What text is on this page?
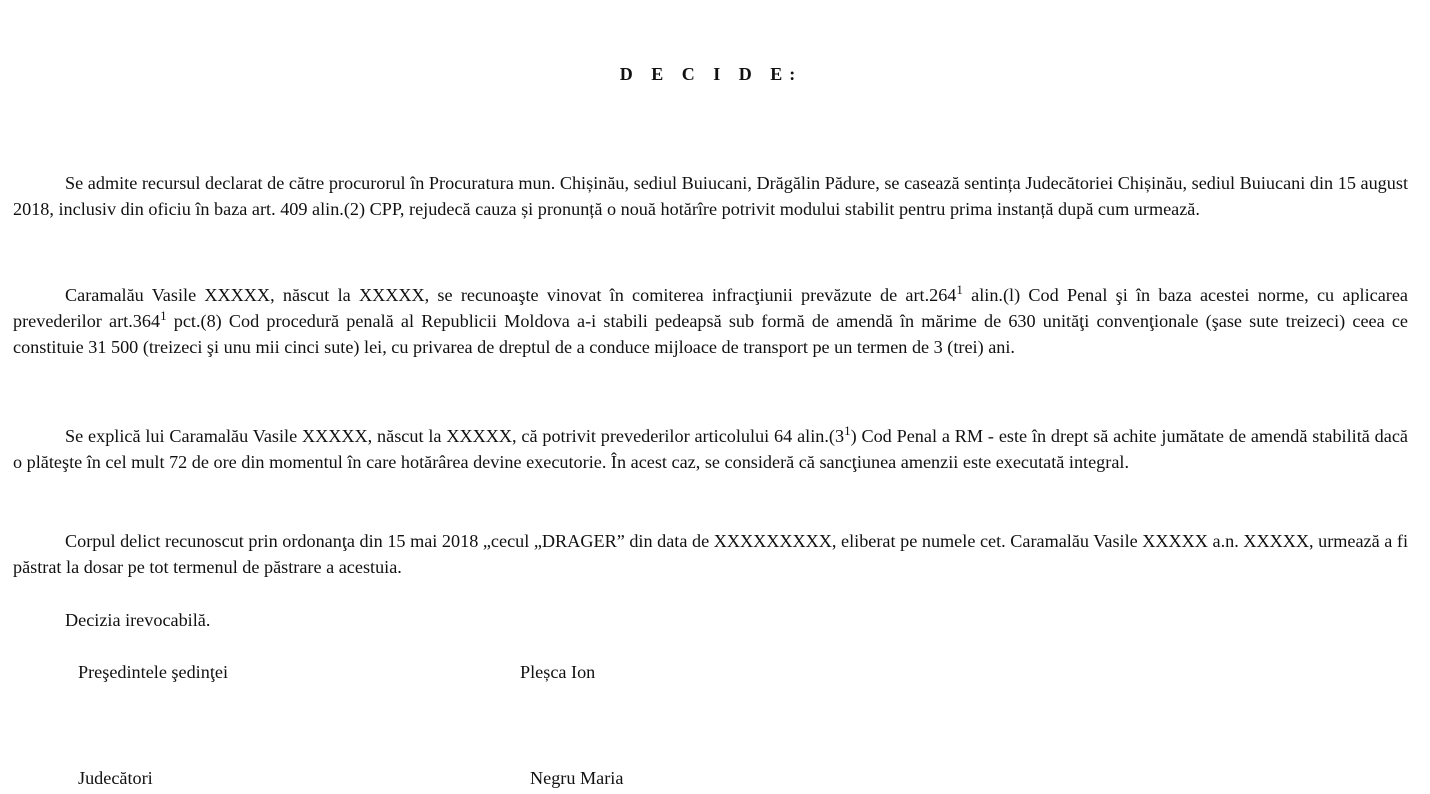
D E C I D E:

Se admite recursul declarat de către procurorul în Procuratura mun. Chișinău, sediul Buiucani, Drăgălin Pădure, se casează sentința Judecătoriei Chișinău, sediul Buiucani din 15 august 2018, inclusiv din oficiu în baza art. 409 alin.(2) CPP, rejudecă cauza și pronunță o nouă hotărîre potrivit modului stabilit pentru prima instanță după cum urmează.

Caramalău Vasile XXXXX, născut la XXXXX, se recunoaşte vinovat în comiterea infracţiunii prevăzute de art.264$^1$ alin.(l) Cod Penal şi în baza acestei norme, cu aplicarea prevederilor art.364$^1$ pct.(8) Cod procedură penală al Republicii Moldova a-i stabili pedeapsă sub formă de amendă în mărime de 630 unităţi convenţionale (şase sute treizeci) ceea ce constituie 31 500 (treizeci şi unu mii cinci sute) lei, cu privarea de dreptul de a conduce mijloace de transport pe un termen de 3 (trei) ani.

Se explică lui Caramalău Vasile XXXXX, născut la XXXXX, că potrivit prevederilor articolului 64 $alin.(3^1)$ Cod Penal a RM - este în drept să achite jumătate de amendă stabilită dacă o plăteşte în cel mult 72 de ore din momentul în care hotărârea devine executorie. În acest caz, se consideră că sancţiunea amenzii este executată integral.

Corpul delict recunoscut prin ordonanţa din 15 mai 2018 „cecul „DRAGER” din data de XXXXXXXXX, eliberat pe numele cet. Caramalău Vasile XXXXX a.n. XXXXX, urmează a fi păstrat la dosar pe tot termenul de păstrare a acestuia.

Decizia irevocabilă.
Preşedintele şedinţei	Pleșca Ion
Judecători	Negru Maria
